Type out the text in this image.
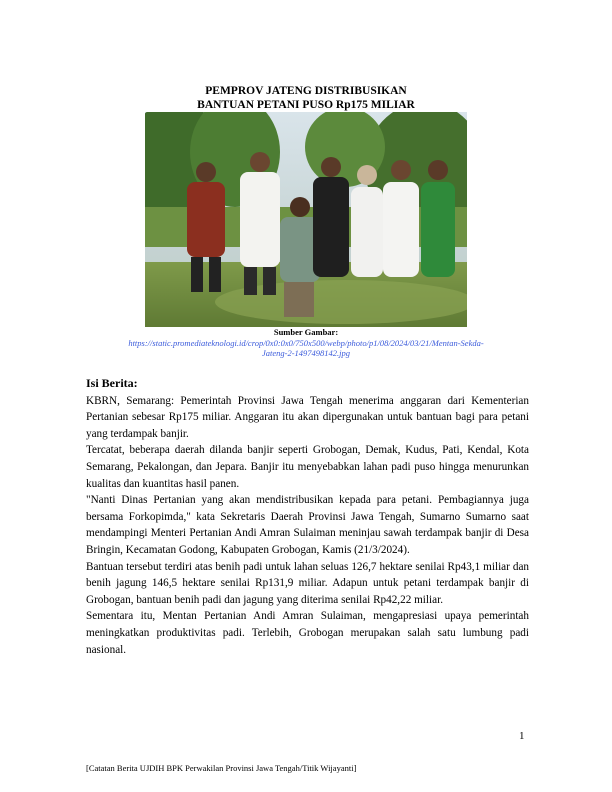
PEMPROV JATENG DISTRIBUSIKAN
BANTUAN PETANI PUSO Rp175 MILIAR
Sumber Gambar:
https://static.promediateknologi.id/crop/0x0:0x0/750x500/webp/photo/p1/08/2024/03/21/Mentan-Sekda-
Jateng-2-1497498142.jpg
Isi Berita:

KBRN, Semarang: Pemerintah Provinsi Jawa Tengah menerima anggaran dari Kementerian Pertanian sebesar Rp175 miliar. Anggaran itu akan dipergunakan untuk bantuan bagi para petani yang terdampak banjir.

Tercatat, beberapa daerah dilanda banjir seperti Grobogan, Demak, Kudus, Pati, Kendal, Kota Semarang, Pekalongan, dan Jepara. Banjir itu menyebabkan lahan padi puso hingga menurunkan kualitas dan kuantitas hasil panen.

"Nanti Dinas Pertanian yang akan mendistribusikan kepada para petani. Pembagiannya juga bersama Forkopimda," kata Sekretaris Daerah Provinsi Jawa Tengah, Sumarno Sumarno saat mendampingi Menteri Pertanian Andi Amran Sulaiman meninjau sawah terdampak banjir di Desa Bringin, Kecamatan Godong, Kabupaten Grobogan, Kamis (21/3/2024).

Bantuan tersebut terdiri atas benih padi untuk lahan seluas 126,7 hektare senilai Rp43,1 miliar dan benih jagung 146,5 hektare senilai Rp131,9 miliar. Adapun untuk petani terdampak banjir di Grobogan, bantuan benih padi dan jagung yang diterima senilai Rp42,22 miliar.

Sementara itu, Mentan Pertanian Andi Amran Sulaiman, mengapresiasi upaya pemerintah meningkatkan produktivitas padi. Terlebih, Grobogan merupakan salah satu lumbung padi nasional.

1
[Catatan Berita UJDIH BPK Perwakilan Provinsi Jawa Tengah/Titik Wijayanti]
